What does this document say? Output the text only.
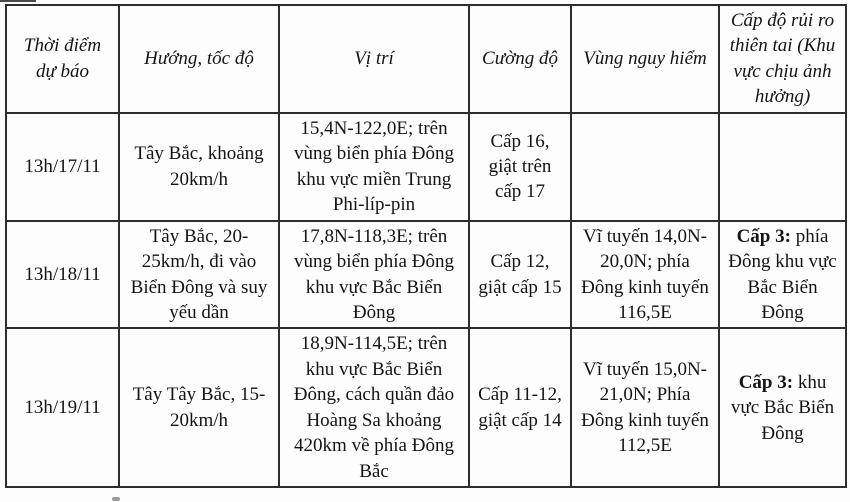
Thời điểm dự báo	Hướng, tốc độ	Vị trí	Cường độ	Vùng nguy hiểm	Cấp độ rủi ro thiên tai (Khu vực chịu ảnh hưởng)
13h/17/11	Tây Bắc, khoảng 20km/h	15,4N-122,0E; trên vùng biển phía Đông khu vực miền Trung Phi-líp-pin	Cấp 16, giật trên cấp 17		
13h/18/11	Tây Bắc, 20-25km/h, đi vào Biển Đông và suy yếu dần	17,8N-118,3E; trên vùng biển phía Đông khu vực Bắc Biển Đông	Cấp 12, giật cấp 15	Vĩ tuyến 14,0N-20,0N; phía Đông kinh tuyến 116,5E	Cấp 3: phía Đông khu vực Bắc Biển Đông
13h/19/11	Tây Tây Bắc, 15-20km/h	18,9N-114,5E; trên khu vực Bắc Biển Đông, cách quần đảo Hoàng Sa khoảng 420km về phía Đông Bắc	Cấp 11-12, giật cấp 14	Vĩ tuyến 15,0N-21,0N; Phía Đông kinh tuyến 112,5E	Cấp 3: khu vực Bắc Biển Đông
